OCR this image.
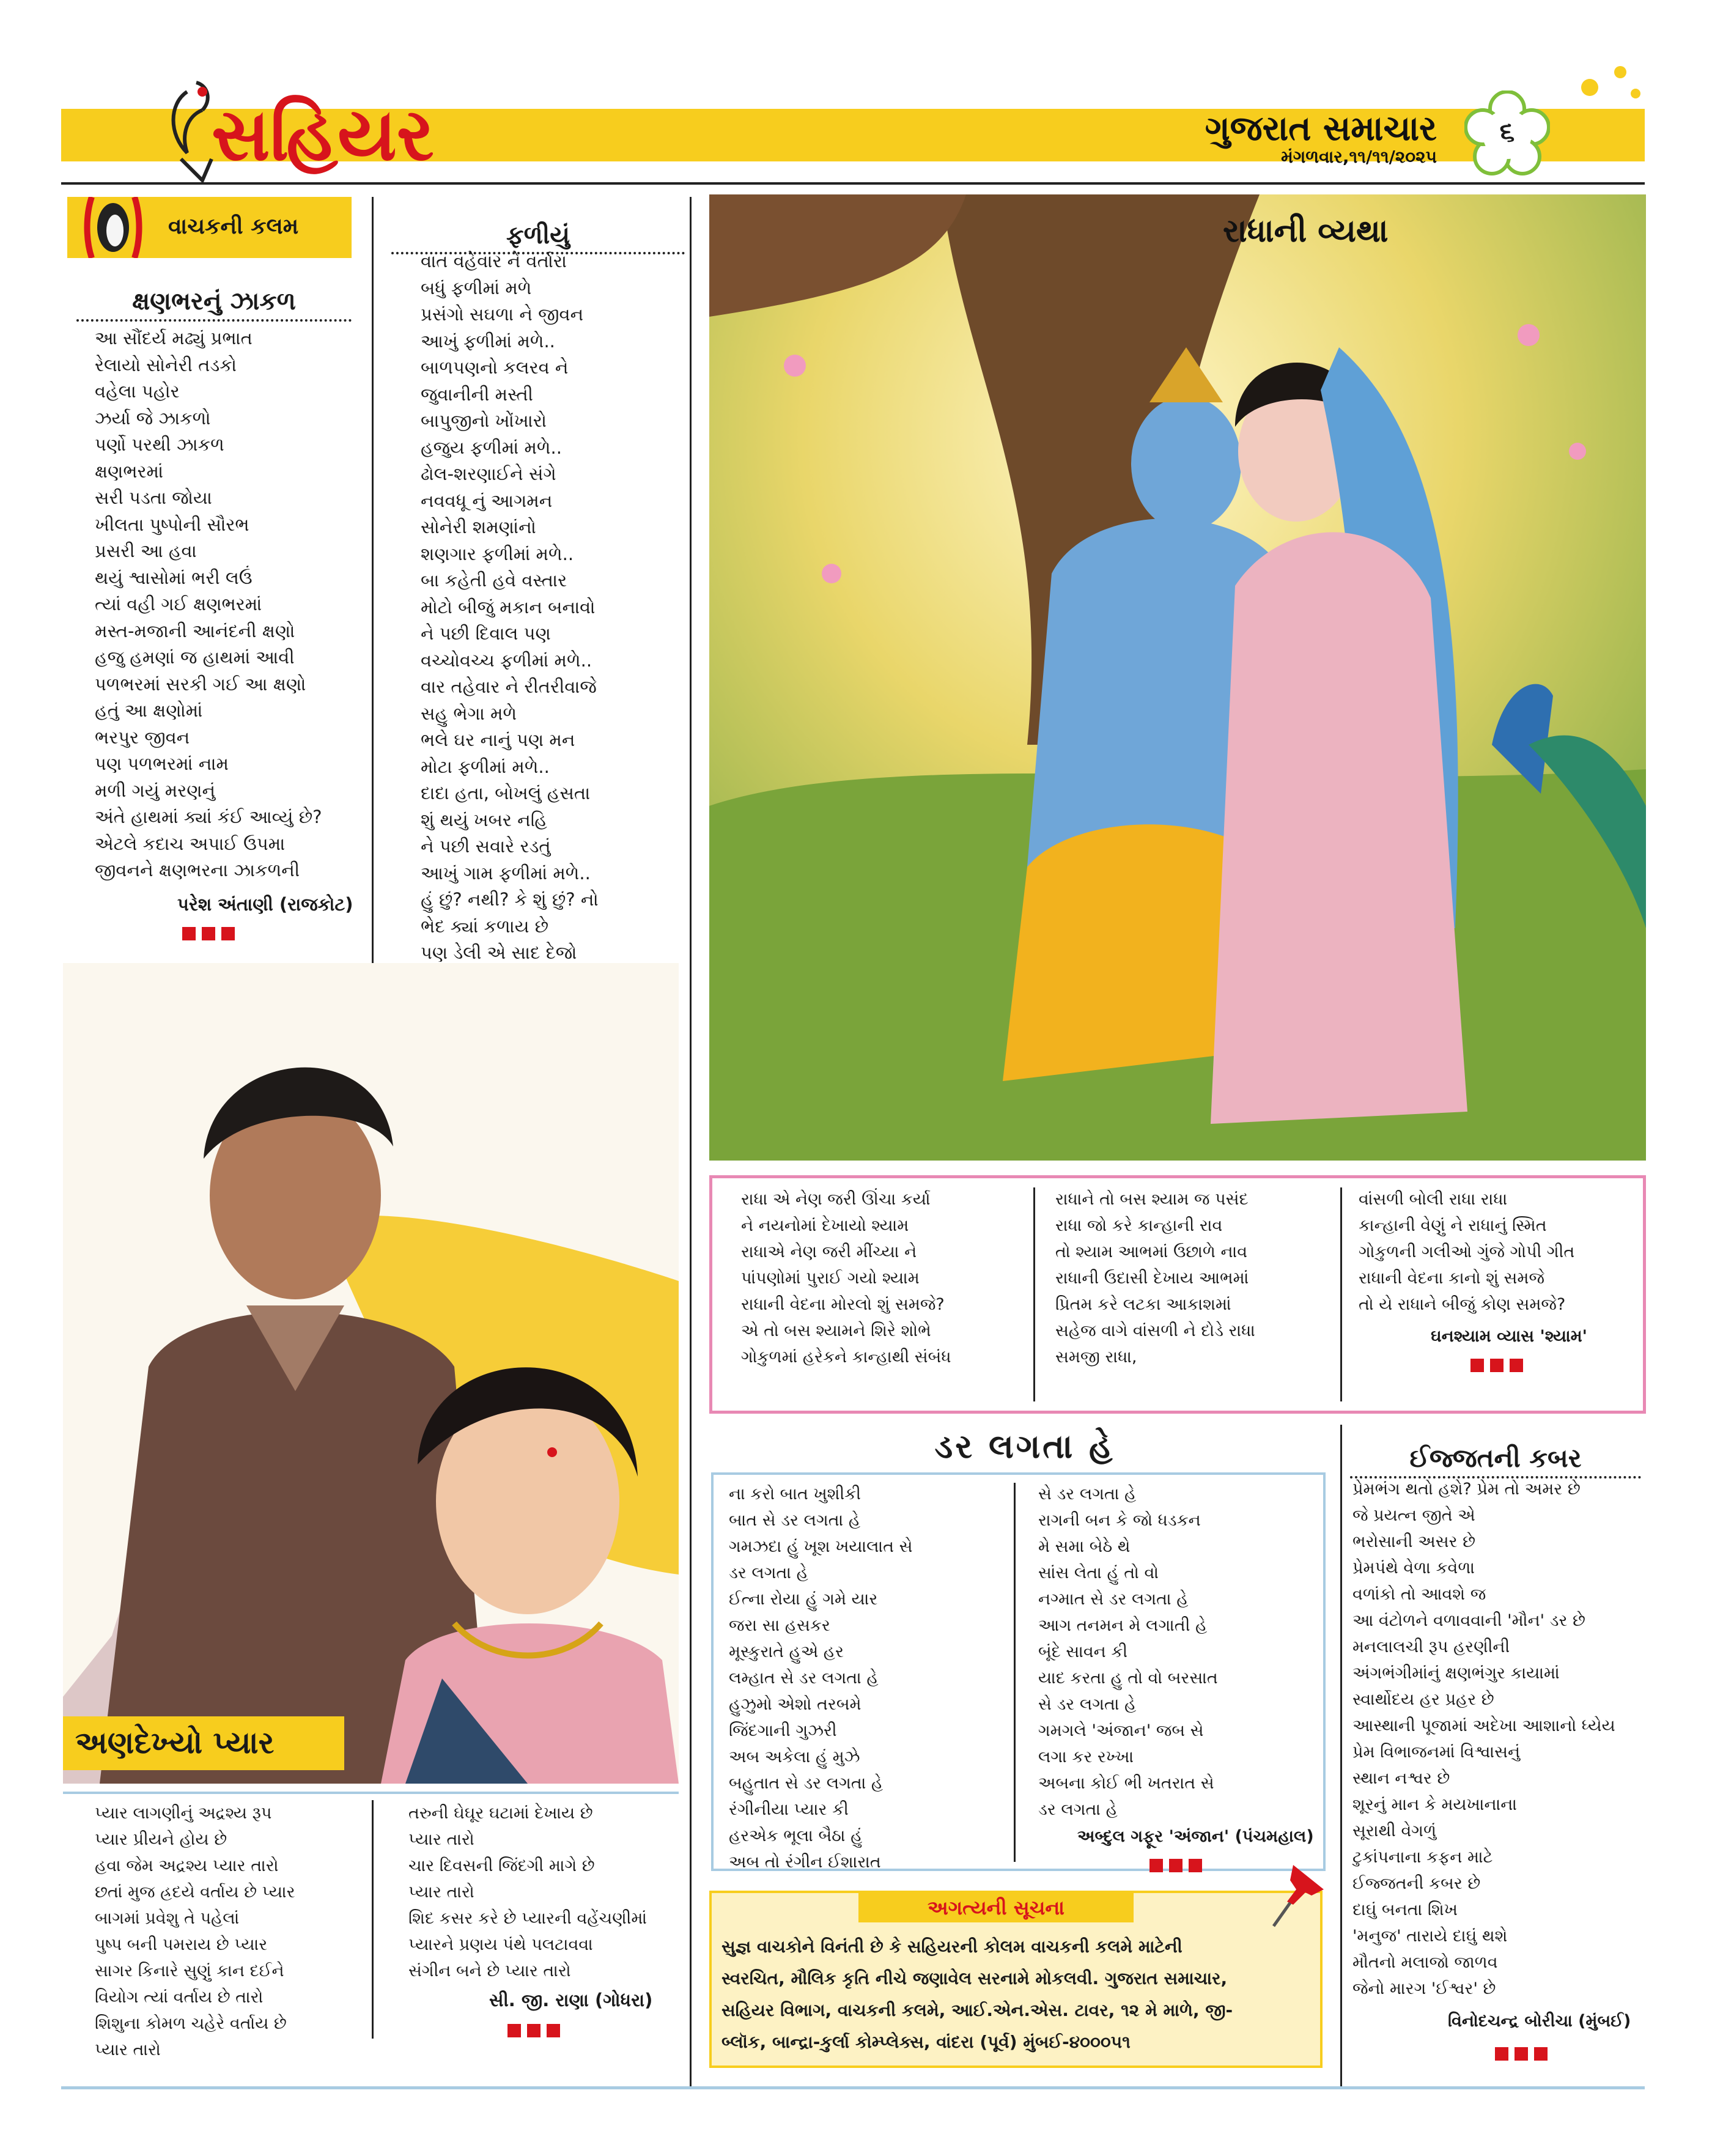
સહિયર	ગુજરાત સમાચાર
મંગળવાર,૧૧/૧૧/૨૦૨૫
૬
વાચકની કલમ
ક્ષણભરનું ઝાકળ
આ સૌંદર્ય મઢ્યું પ્રભાત
રેલાયો સોનેરી તડકો
વહેલા પહોર
ઝર્યા જે ઝાકળો
પર્ણો પરથી ઝાકળ
ક્ષણભરમાં
સરી પડતા જોયા
ખીલતા પુષ્પોની સૌરભ
પ્રસરી આ હવા
થયું શ્વાસોમાં ભરી લઉં
ત્યાં વહી ગઈ ક્ષણભરમાં
મસ્ત-મજાની આનંદની ક્ષણો
હજુ હમણાં જ હાથમાં આવી
પળભરમાં સરકી ગઈ આ ક્ષણો
હતું આ ક્ષણોમાં
ભરપુર જીવન
પણ પળભરમાં નામ
મળી ગયું મરણનું
અંતે હાથમાં ક્યાં કંઈ આવ્યું છે?
એટલે કદાચ અપાઈ ઉપમા
જીવનને ક્ષણભરના ઝાકળની
પરેશ અંતાણી (રાજકોટ)
ફળીયું
વાત વહેવાર ને વર્તારા
બધું ફળીમાં મળે
પ્રસંગો સઘળા ને જીવન
આખું ફળીમાં મળે..
બાળપણનો કલરવ ને
જુવાનીની મસ્તી
બાપુજીનો ખોંખારો
હજુય ફળીમાં મળે..
ઢોલ-શરણાઈને સંગે
નવવધૂ નું આગમન
સોનેરી શમણાંનો
શણગાર ફળીમાં મળે..
બા કહેતી હવે વસ્તાર
મોટો બીજું મકાન બનાવો
ને પછી દિવાલ પણ
વચ્ચોવચ્ચ ફળીમાં મળે..
વાર તહેવાર ને રીતરીવાજે
સહુ ભેગા મળે
ભલે ઘર નાનું પણ મન
મોટા ફળીમાં મળે..
દાદા હતા, બોખલું હસતા
શું થયું ખબર નહિ
ને પછી સવારે રડતું
આખું ગામ ફળીમાં મળે..
હું છું? નથી? કે શું છું? નો
ભેદ ક્યાં કળાય છે
પણ ડેલી એ સાદ દેજો
અણદેખ્યો પ્યાર
પ્યાર લાગણીનું અદ્રશ્ય રૂપ
પ્યાર પ્રીયને હોય છે
હવા જેમ અદ્રશ્ય પ્યાર તારો
છતાં મુજ હ્રદયે વર્તાય છે પ્યાર
બાગમાં પ્રવેશુ તે પહેલાં
પુષ્પ બની પમરાય છે પ્યાર
સાગર કિનારે સુણું કાન દઈને
વિયોગ ત્યાં વર્તાય છે તારો
શિશુના કોમળ ચહેરે વર્તાય છે
પ્યાર તારો
તરુની ઘેઘૂર ઘટામાં દેખાય છે
પ્યાર તારો
ચાર દિવસની જિંદગી માગે છે
પ્યાર તારો
શિદ કસર કરે છે પ્યારની વહેંચણીમાં
પ્યારને પ્રણય પંથે પલટાવવા
સંગીન બને છે પ્યાર તારો
સી. જી. રાણા (ગોધરા)
રાધાની વ્યથા
રાધા એ નેણ જરી ઊંચા કર્યા
ને નયનોમાં દેખાયો શ્યામ
રાધાએ નેણ જરી મીંચ્યા ને
પાંપણોમાં પુરાઈ ગયો શ્યામ
રાધાની વેદના મોરલો શું સમજે?
એ તો બસ શ્યામને શિરે શોભે
ગોકુળમાં હરેકને કાન્હાથી સંબંધ
રાધાને તો બસ શ્યામ જ પસંદ
રાધા જો કરે કાન્હાની રાવ
તો શ્યામ આભમાં ઉછાળે નાવ
રાધાની ઉદાસી દેખાય આભમાં
પ્રિતમ કરે લટકા આકાશમાં
સહેજ વાગે વાંસળી ને દોડે રાધા
સમજી રાધા,
વાંસળી બોલી રાધા રાધા
કાન્હાની વેણું ને રાધાનું સ્મિત
ગોકુળની ગલીઓ ગુંજે ગોપી ગીત
રાધાની વેદના કાનો શું સમજે
તો યે રાધાને બીજું કોણ સમજે?
ઘનશ્યામ વ્યાસ 'શ્યામ'
ડર લગતા હે
ના કરો બાત ખુશીકી
બાત સે ડર લગતા હે
ગમઝદા હું ખૂશ ખયાલાત સે
ડર લગતા હે
ઈત્ના રોયા હું ગમે યાર
જરા સા હસકર
મૂસ્કુરાતે હુએ હર
લમ્હાત સે ડર લગતા હે
હુઝુમો એશો તરબમે
જિંદગાની ગુઝરી
અબ અકેલા હું મુઝે
બહુતાત સે ડર લગતા હે
રંગીનીયા પ્યાર કી
હરએક ભૂલા બૈઠા હું
અબ તો રંગીન ઈશારાત
સે ડર લગતા હે
રાગની બન કે જો ધડકન
મે સમા બેઠે થે
સાંસ લેતા હું તો વો
નગ્માત સે ડર લગતા હે
આગ તનમન મે લગાતી હે
બૂંદે સાવન કી
યાદ કરતા હુ તો વો બરસાત
સે ડર લગતા હે
ગમગલે 'અંજાન' જબ સે
લગા કર રખ્ખા
અબના કોઈ ભી ખતરાત સે
ડર લગતા હે
અબ્દુલ ગફૂર 'અંજાન' (પંચમહાલ)
અગત્યની સૂચના
સુજ્ઞ વાચકોને વિનંતી છે કે સહિયરની કોલમ વાચકની કલમે માટેની
સ્વરચિત, મૌલિક કૃતિ નીચે જણાવેલ સરનામે મોકલવી. ગુજરાત સમાચાર,
સહિયર વિભાગ, વાચકની કલમે, આઈ.એન.એસ. ટાવર, ૧૨ મે માળે, જી-
બ્લૉક, બાન્દ્રા-કુર્લા કોમ્પ્લેક્સ, વાંદરા (પૂર્વ) મુંબઈ-૪૦૦૦૫૧
ઈજ્જતની કબર
પ્રેમભંગ થતો હશે? પ્રેમ તો અમર છે
જે પ્રયત્ન જીતે એ
ભરોસાની અસર છે
પ્રેમપંથે વેળા કવેળા
વળાંકો તો આવશે જ
આ વંટોળને વળાવવાની 'મૌન' ડર છે
મનલાલચી રૂપ હરણીની
અંગભંગીમાંનું ક્ષણભંગુર કાયામાં
સ્વાર્થોદય હર પ્રહર છે
આસ્થાની પૂજામાં અદેખા આશાનો ધ્યેય
પ્રેમ વિભાજનમાં વિશ્વાસનું
સ્થાન નશ્વર છે
શૂરનું માન કે મયખાનાના
સૂરાથી વેગળું
ટુકાંપનાના કફન માટે
ઈજ્જતની કબર છે
દાઘું બનતા શિખ
'મનુજ' તારાયે દાઘું થશે
મૌતનો મલાજો જાળવ
જેનો મારગ 'ઈશ્વર' છે
વિનોદચન્દ્ર બોરીચા (મુંબઈ)
